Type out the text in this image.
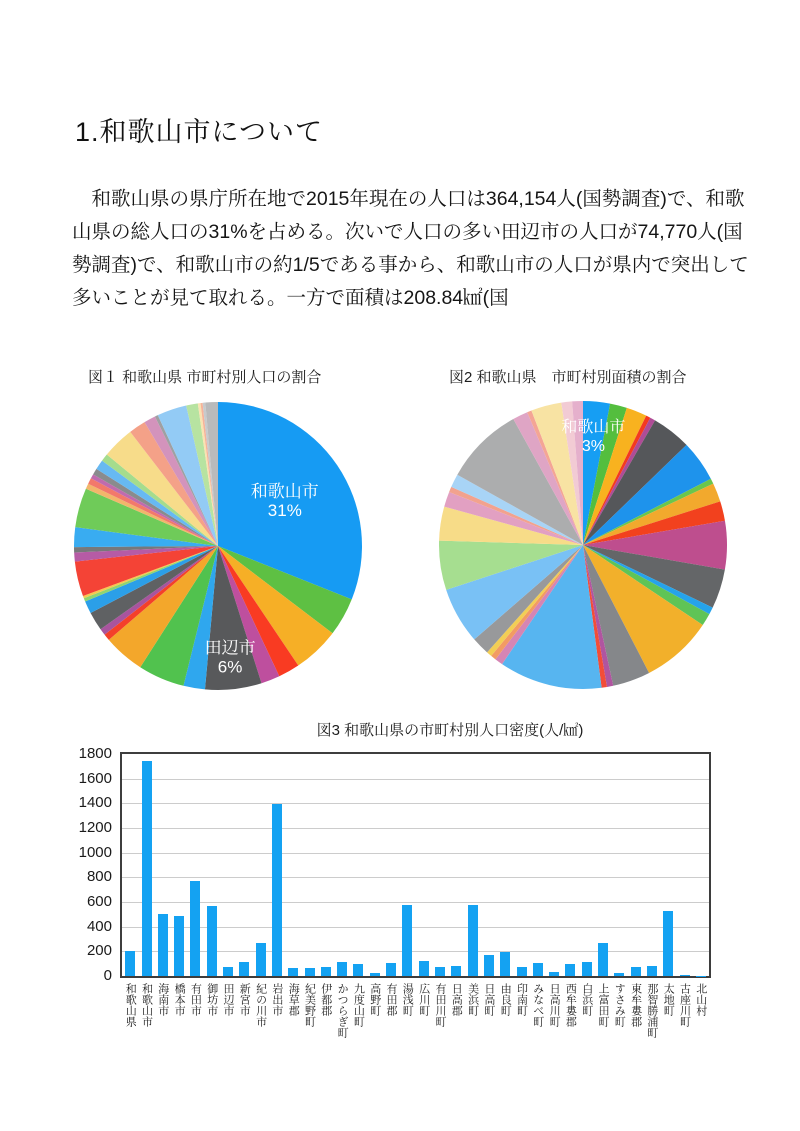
1.和歌山市について

　和歌山県の県庁所在地で2015年現在の人口は364,154人(国勢調査)で、和歌山県の総人口の31%を占める。次いで人口の多い田辺市の人口が74,770人(国勢調査)で、和歌山市の約1/5である事から、和歌山市の人口が県内で突出して多いことが見て取れる。一方で面積は208.84㎢(国

図１ 和歌山県 市町村別人口の割合	図2 和歌山県　市町村別面積の割合
和歌山市 31%
田辺市 6%
和歌山市 3%
図3 和歌山県の市町村別人口密度(人/㎢)
0
200
400
600
800
1000
1200
1400
1600
1800
和歌山県 和歌山市 海南市 橋本市 有田市 御坊市 田辺市 新宮市 紀の川市 岩出市 海草郡 紀美野町 伊都郡 かつらぎ町 九度山町 高野町 有田郡 湯浅町 広川町 有田川町 日高郡 美浜町 日高町 由良町 印南町 みなべ町 日高川町 西牟婁郡 白浜町 上富田町 すさみ町 東牟婁郡 那智勝浦町 太地町 古座川町 北山村
